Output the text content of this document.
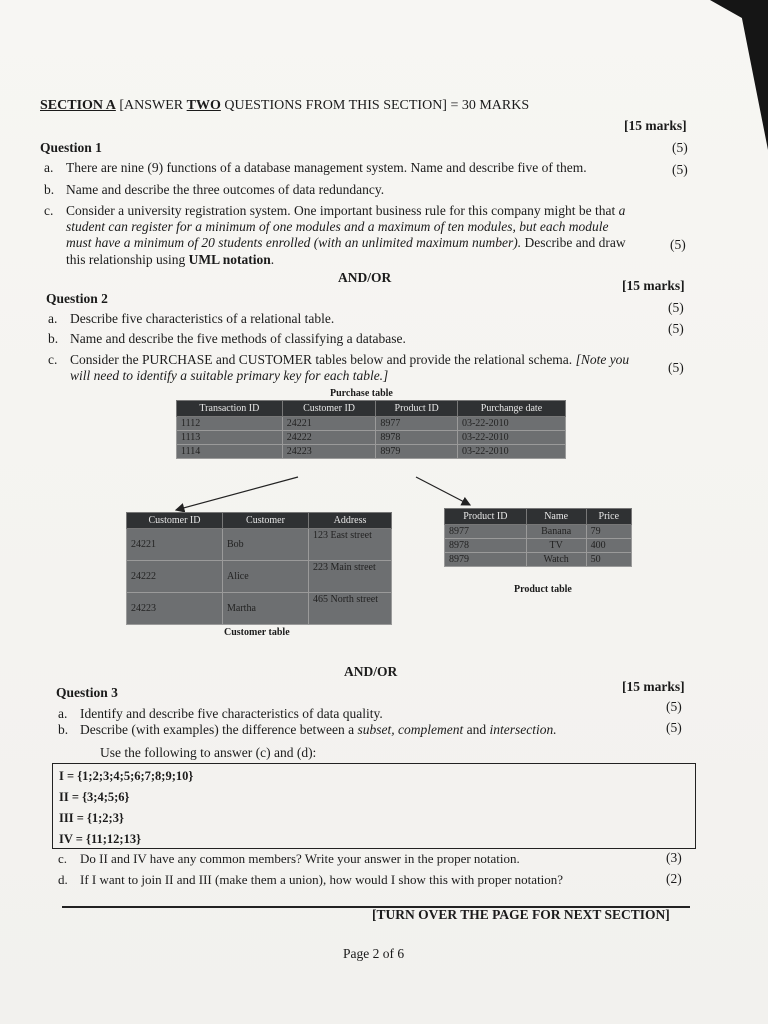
SECTION A [ANSWER TWO QUESTIONS FROM THIS SECTION] = 30 MARKS
Question 1
[15 marks]
a. There are nine (9) functions of a database management system. Name and describe five of them.
(5)
b. Name and describe the three outcomes of data redundancy.
(5)
c. Consider a university registration system. One important business rule for this company might be that a
student can register for a minimum of one modules and a maximum of ten modules, but each module
must have a minimum of 20 students enrolled (with an unlimited maximum number). Describe and draw
this relationship using UML notation.
(5)
AND/OR
Question 2
[15 marks]
a. Describe five characteristics of a relational table.
(5)
b. Name and describe the five methods of classifying a database.
(5)
c. Consider the PURCHASE and CUSTOMER tables below and provide the relational schema. [Note you
will need to identify a suitable primary key for each table.]
(5)
Purchase table
Transaction ID	Customer ID	Product ID	Purchange date
1112	24221	8977	03-22-2010
1113	24222	8978	03-22-2010
1114	24223	8979	03-22-2010
Customer ID	Customer	Address
24221	Bob	123 East street
24222	Alice	223 Main street
24223	Martha	465 North street
Customer table
Product ID	Name	Price
8977	Banana	79
8978	TV	400
8979	Watch	50
Product table
AND/OR
Question 3	[15 marks]
a. Identify and describe five characteristics of data quality.	(5)
b. Describe (with examples) the difference between a subset, complement and intersection.	(5)
Use the following to answer (c) and (d):
I = {1;2;3;4;5;6;7;8;9;10}
II = {3;4;5;6}
III = {1;2;3}
IV = {11;12;13}
c. Do II and IV have any common members? Write your answer in the proper notation.	(3)
d. If I want to join II and III (make them a union), how would I show this with proper notation?	(2)
[TURN OVER THE PAGE FOR NEXT SECTION]
Page 2 of 6
